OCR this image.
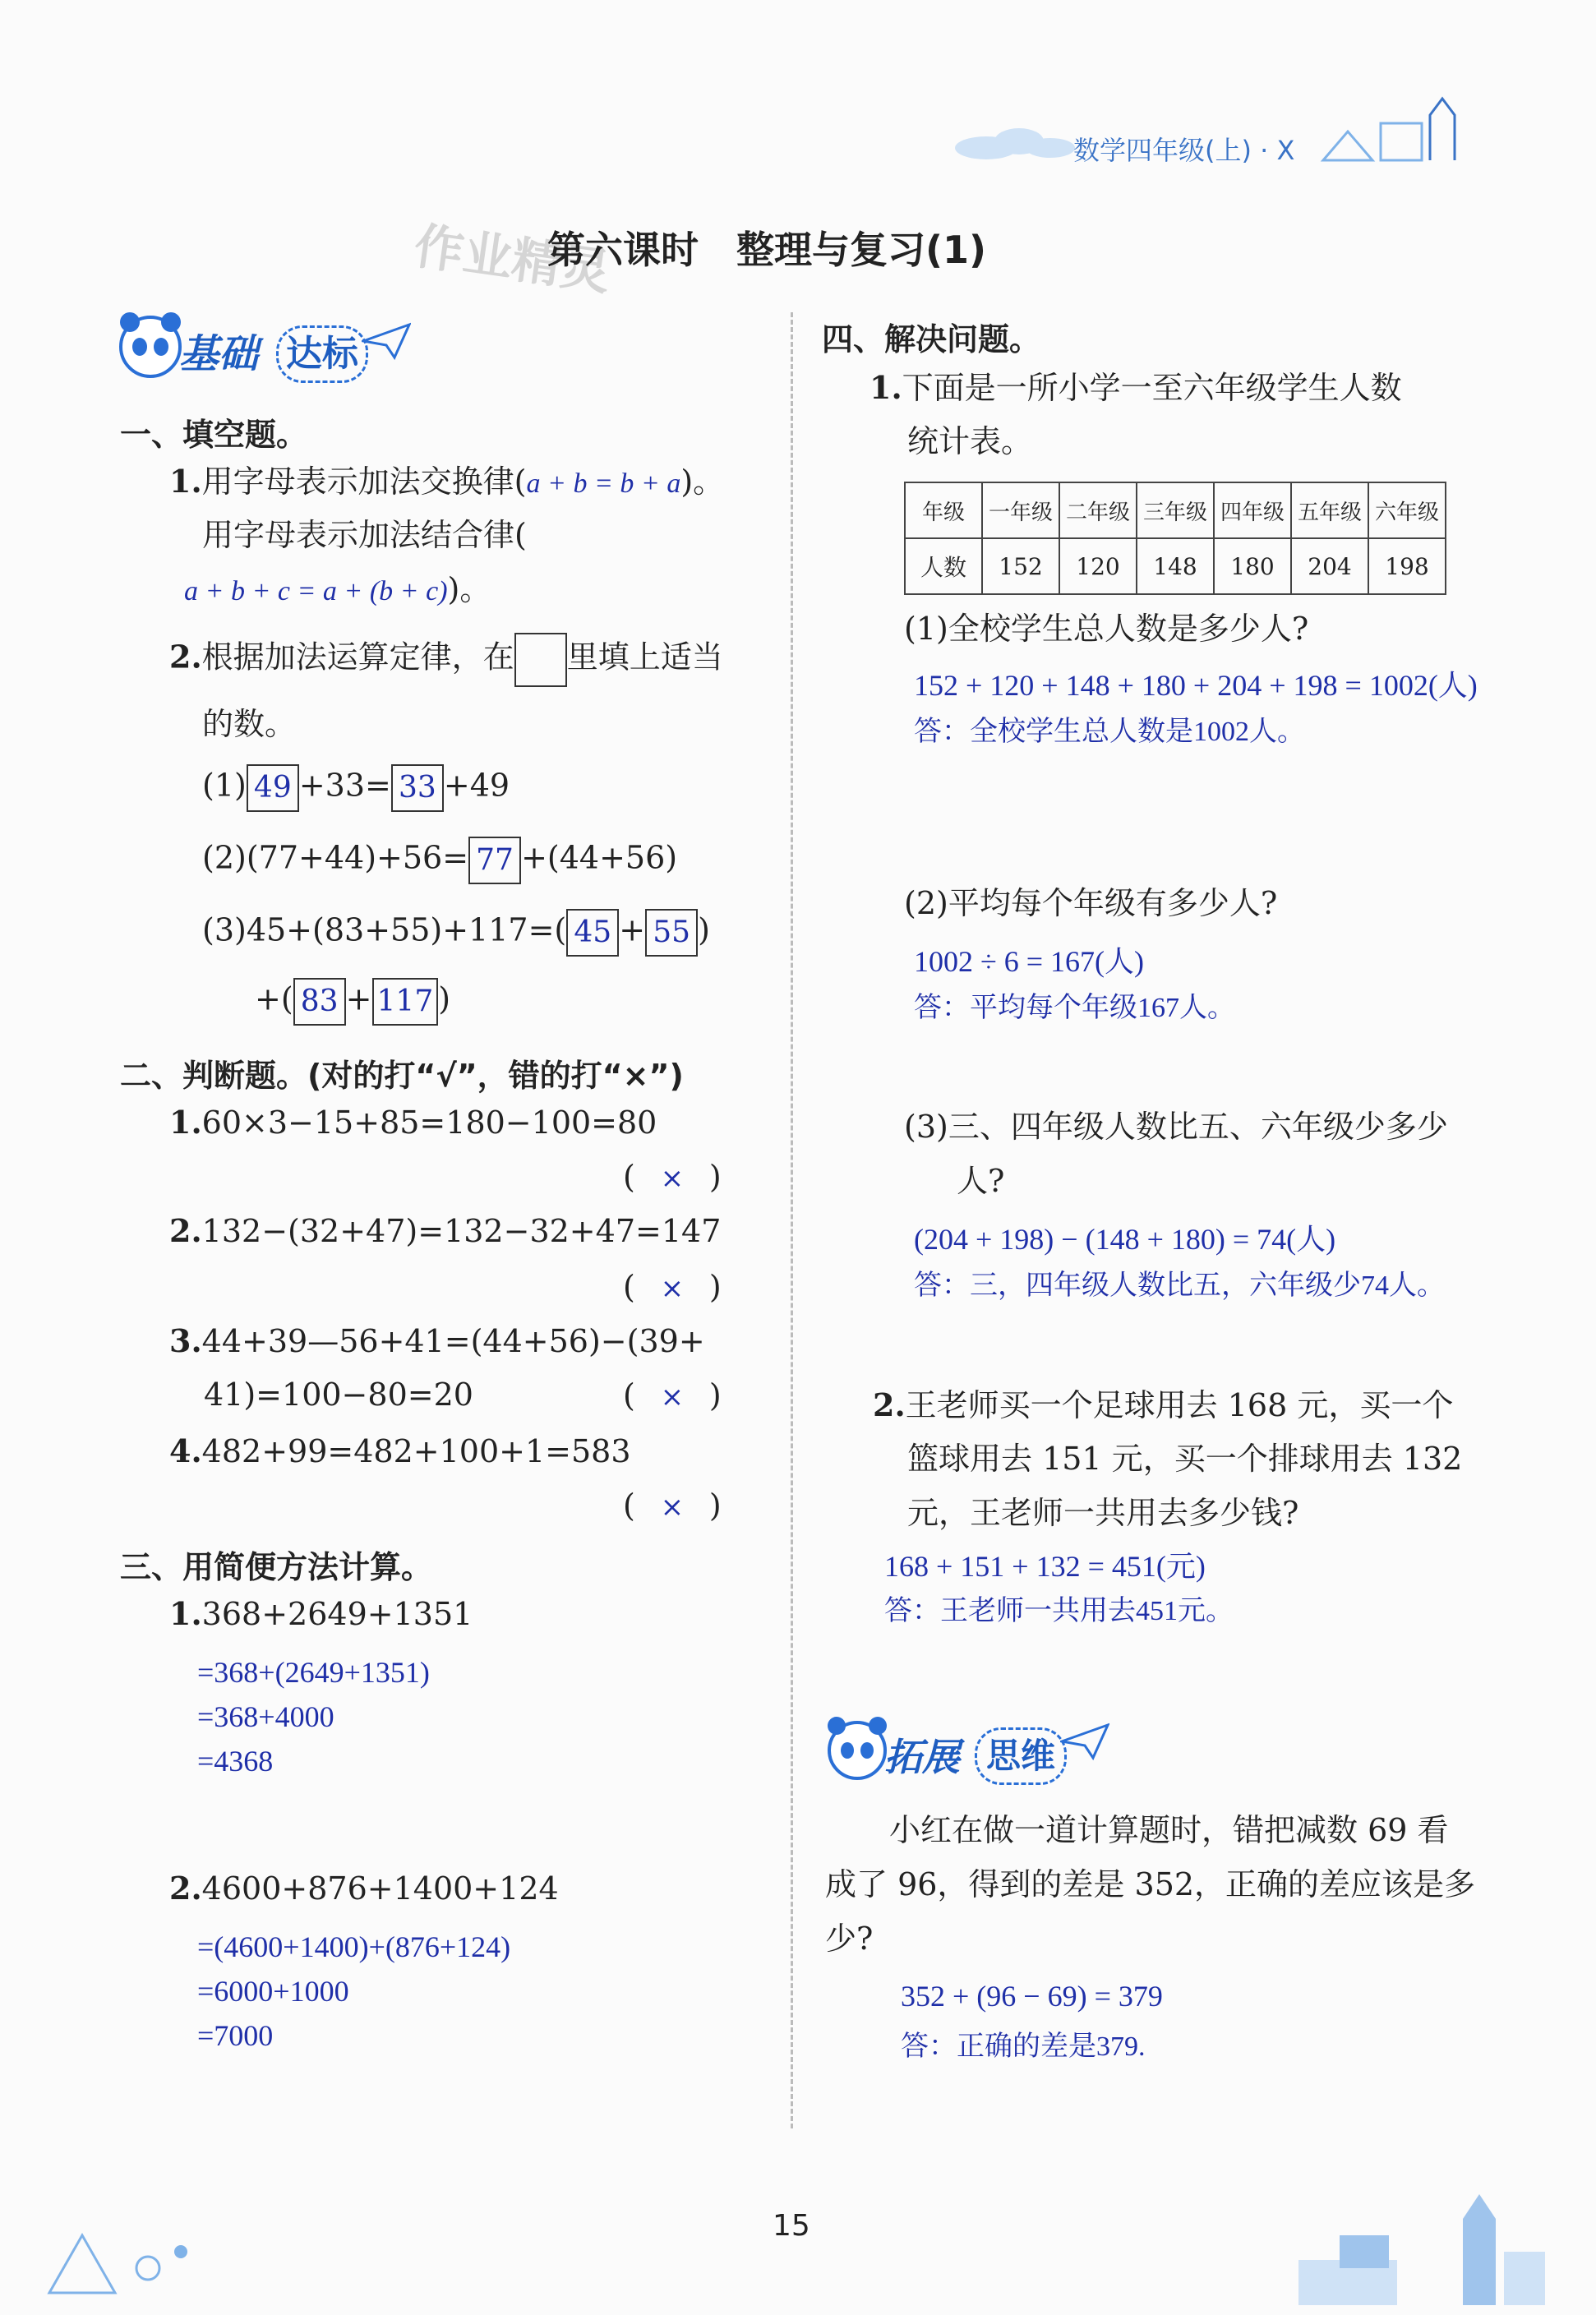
数学四年级(上) · X
作业精灵
第六课时　整理与复习(1)
基础 达标
一、填空题。
1.用字母表示加法交换律(a + b = b + a)。
用字母表示加法结合律(
a + b + c = a + (b + c))。
2.根据加法运算定律，在 里填上适当
的数。
(1) 49 +33= 33 +49
(2)(77+44)+56= 77 +(44+56)
(3)45+(83+55)+117=( 45 + 55 )
+( 83 + 117 )
二、判断题。(对的打“√”，错的打“×”)
1.60×3−15+85=180−100=80
( × )
2.132−(32+47)=132−32+47=147
( × )
3.44+39—56+41=(44+56)−(39+
41)=100−80=20	( × )
4.482+99=482+100+1=583
( × )
三、用简便方法计算。
1.368+2649+1351
=368+(2649+1351)
=368+4000
=4368
2.4600+876+1400+124
=(4600+1400)+(876+124)
=6000+1000
=7000
四、解决问题。
1.下面是一所小学一至六年级学生人数
统计表。
年级	一年级	二年级	三年级	四年级	五年级	六年级
人数	152	120	148	180	204	198
(1)全校学生总人数是多少人?
152 + 120 + 148 + 180 + 204 + 198 = 1002(人)
答：全校学生总人数是1002人。
(2)平均每个年级有多少人?
1002 ÷ 6 = 167(人)
答：平均每个年级167人。
(3)三、四年级人数比五、六年级少多少
人?
(204 + 198) − (148 + 180) = 74(人)
答：三，四年级人数比五，六年级少74人。
2.王老师买一个足球用去 168 元，买一个
篮球用去 151 元，买一个排球用去 132
元，王老师一共用去多少钱?
168 + 151 + 132 = 451(元)
答：王老师一共用去451元。
拓展 思维
小红在做一道计算题时，错把减数 69 看
成了 96，得到的差是 352，正确的差应该是多
少?
352 + (96 − 69) = 379
答：正确的差是379.
15
